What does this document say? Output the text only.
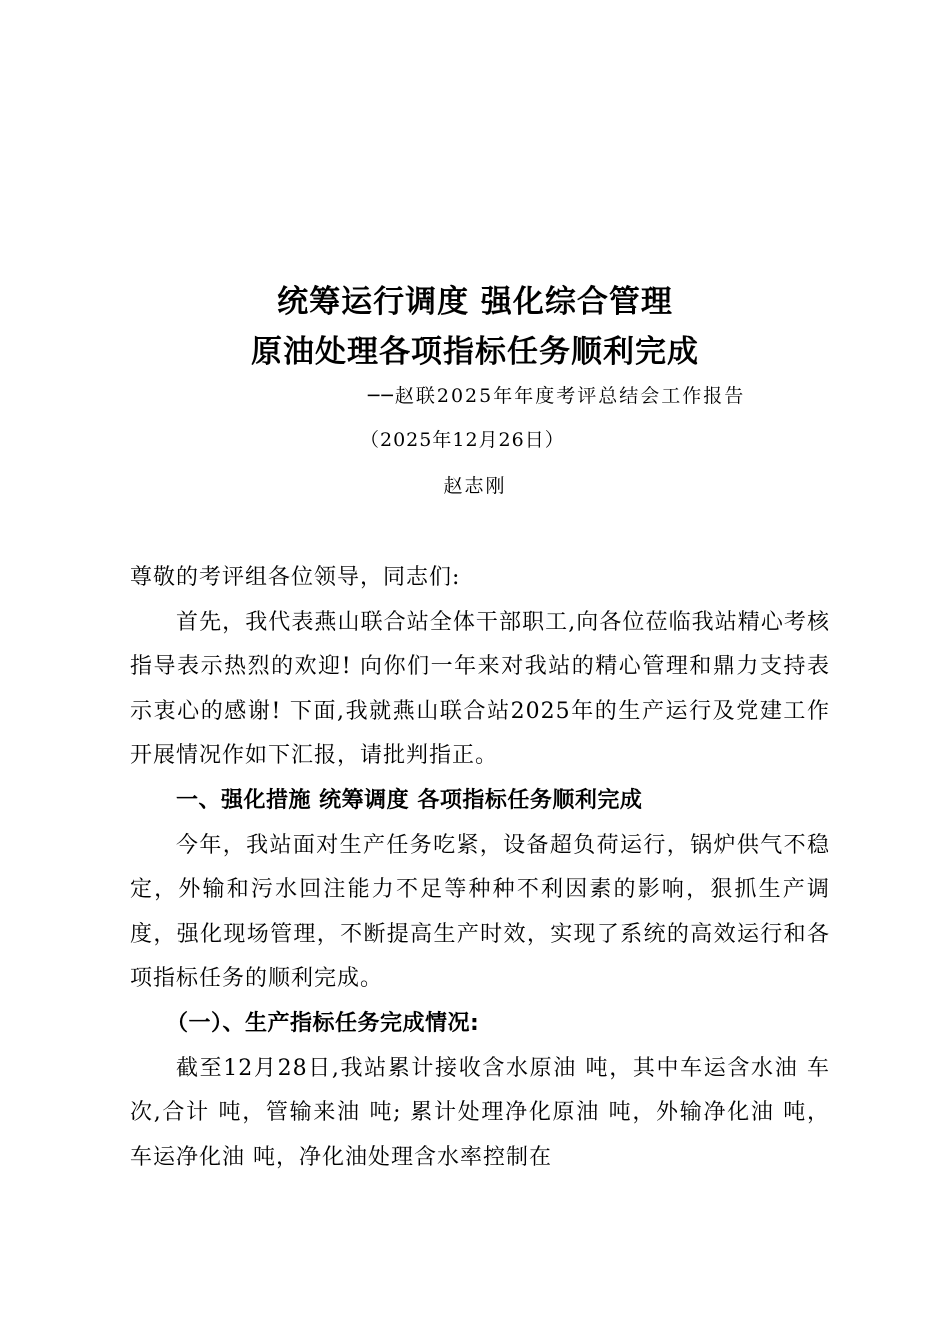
统筹运行调度 强化综合管理
原油处理各项指标任务顺利完成
──赵联2025年年度考评总结会工作报告
（2025年12月26日）
赵志刚

尊敬的考评组各位领导，同志们:

首先，我代表燕山联合站全体干部职工,向各位莅临我站精心考核指导表示热烈的欢迎! 向你们一年来对我站的精心管理和鼎力支持表示衷心的感谢! 下面,我就燕山联合站2025年的生产运行及党建工作开展情况作如下汇报，请批判指正。

一、强化措施 统筹调度 各项指标任务顺利完成

今年，我站面对生产任务吃紧，设备超负荷运行，锅炉供气不稳定，外输和污水回注能力不足等种种不利因素的影响，狠抓生产调度，强化现场管理，不断提高生产时效，实现了系统的高效运行和各项指标任务的顺利完成。

（一）、生产指标任务完成情况:

截至12月28日,我站累计接收含水原油 吨，其中车运含水油 车次,合计 吨，管输来油 吨; 累计处理净化原油 吨，外输净化油 吨，车运净化油 吨，净化油处理含水率控制在
